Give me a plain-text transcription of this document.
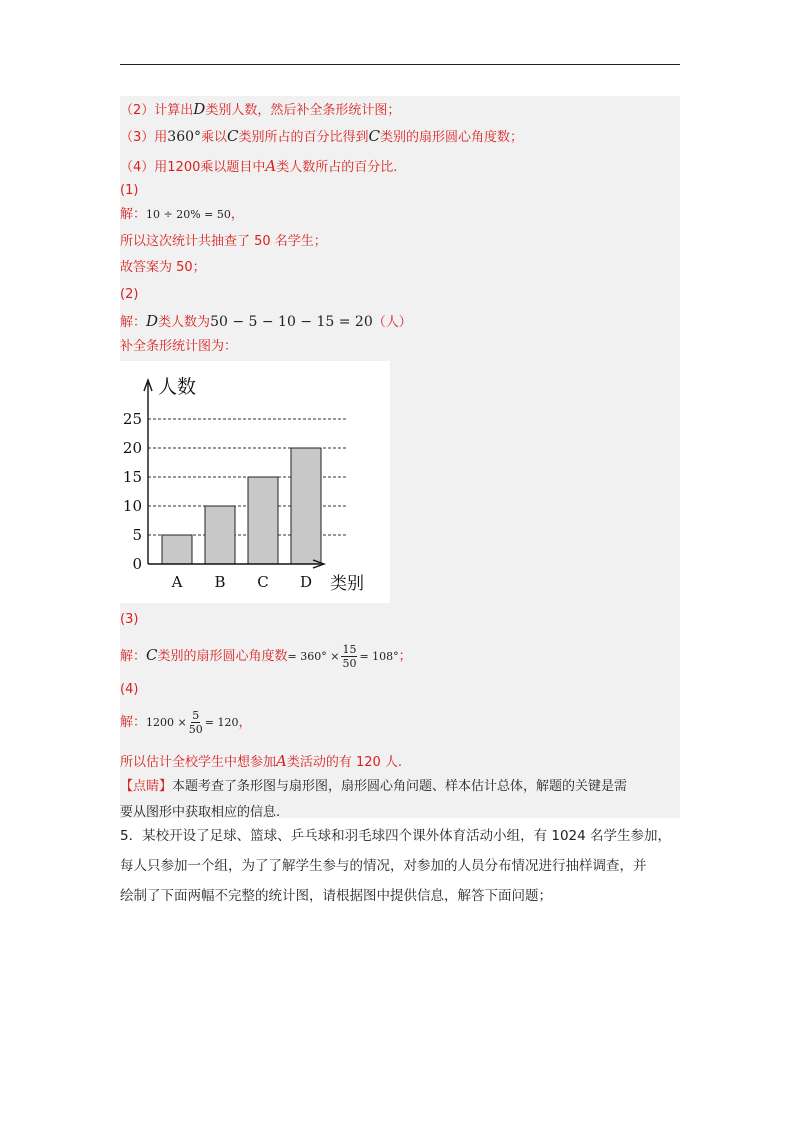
（2）计算出D类别人数，然后补全条形统计图；
（3）用360°乘以C类别所占的百分比得到C类别的扇形圆心角度数；
（4）用1200乘以题目中A类人数所占的百分比.
(1)
解：10 ÷ 20% = 50，
所以这次统计共抽查了 50 名学生；
故答案为 50；
(2)
解：D类人数为50 − 5 − 10 − 15 = 20（人）
补全条形统计图为：
0
5
10
15
20
25
A B C D
人数
类别
(3)
解：C类别的扇形圆心角度数= $360^\circ \times \frac{15}{50} = 108^\circ$；
(4)
解：$1200 \times \frac{5}{50} = 120$，
所以估计全校学生中想参加A类活动的有 120 人.
【点睛】本题考查了条形图与扇形图，扇形圆心角问题、样本估计总体，解题的关键是需
要从图形中获取相应的信息.
5．某校开设了足球、篮球、乒乓球和羽毛球四个课外体育活动小组，有 1024 名学生参加，
每人只参加一个组，为了了解学生参与的情况，对参加的人员分布情况进行抽样调查，并
绘制了下面两幅不完整的统计图，请根据图中提供信息，解答下面问题；
